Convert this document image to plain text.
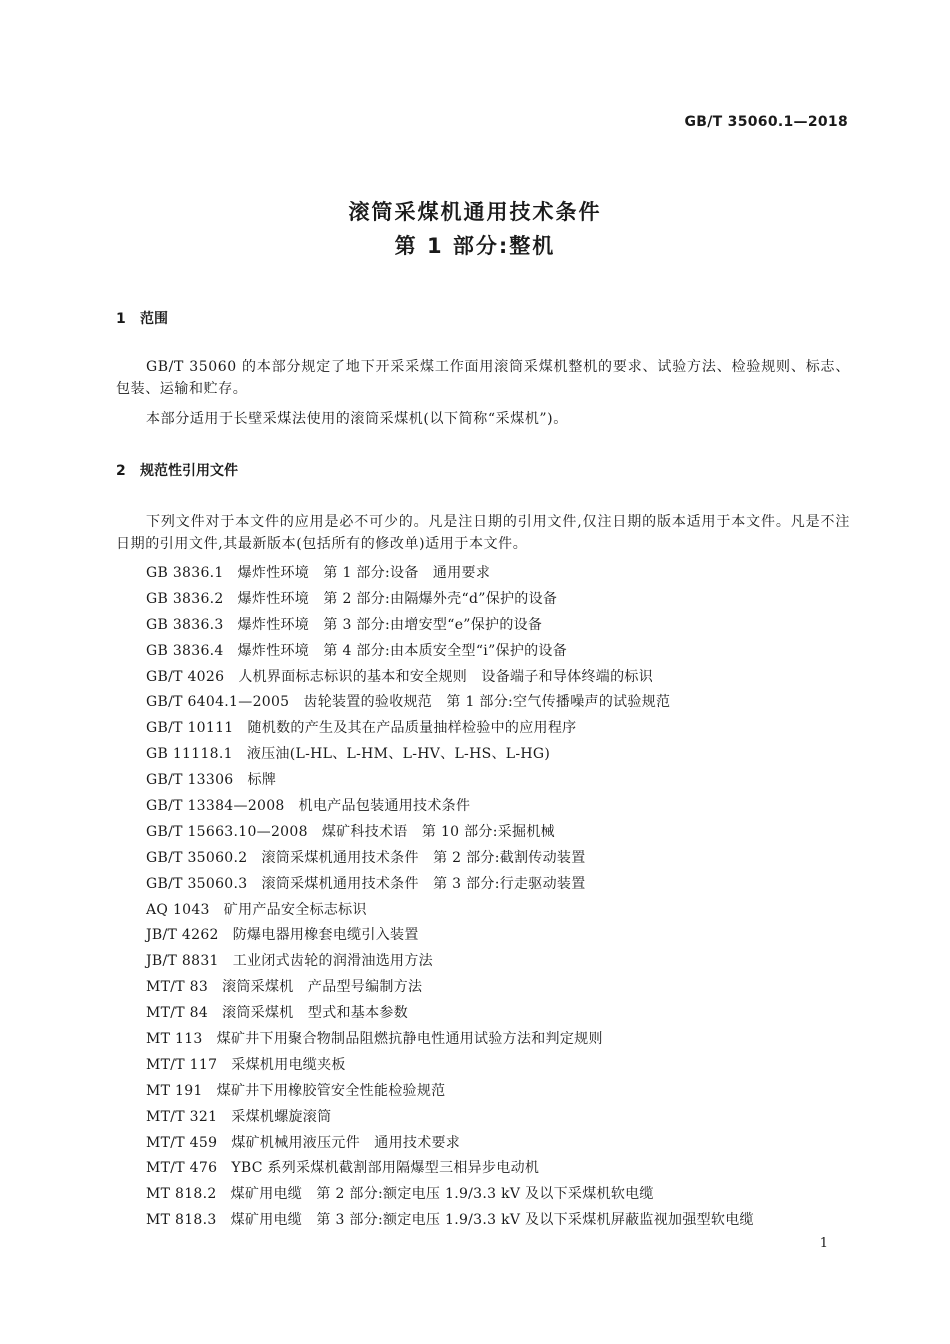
GB/T 35060.1—2018
滚筒采煤机通用技术条件
第 1 部分:整机
1 范围
GB/T 35060 的本部分规定了地下开采采煤工作面用滚筒采煤机整机的要求、试验方法、检验规则、标志、包装、运输和贮存。
本部分适用于长壁采煤法使用的滚筒采煤机(以下简称“采煤机”)。
2 规范性引用文件
下列文件对于本文件的应用是必不可少的。凡是注日期的引用文件,仅注日期的版本适用于本文件。凡是不注日期的引用文件,其最新版本(包括所有的修改单)适用于本文件。
GB 3836.1 爆炸性环境　第 1 部分:设备　通用要求
GB 3836.2 爆炸性环境　第 2 部分:由隔爆外壳“d”保护的设备
GB 3836.3 爆炸性环境　第 3 部分:由增安型“e”保护的设备
GB 3836.4 爆炸性环境　第 4 部分:由本质安全型“i”保护的设备
GB/T 4026 人机界面标志标识的基本和安全规则　设备端子和导体终端的标识
GB/T 6404.1—2005 齿轮装置的验收规范　第 1 部分:空气传播噪声的试验规范
GB/T 10111 随机数的产生及其在产品质量抽样检验中的应用程序
GB 11118.1 液压油(L-HL、L-HM、L-HV、L-HS、L-HG)
GB/T 13306 标牌
GB/T 13384—2008 机电产品包装通用技术条件
GB/T 15663.10—2008 煤矿科技术语　第 10 部分:采掘机械
GB/T 35060.2 滚筒采煤机通用技术条件　第 2 部分:截割传动装置
GB/T 35060.3 滚筒采煤机通用技术条件　第 3 部分:行走驱动装置
AQ 1043 矿用产品安全标志标识
JB/T 4262 防爆电器用橡套电缆引入装置
JB/T 8831 工业闭式齿轮的润滑油选用方法
MT/T 83 滚筒采煤机　产品型号编制方法
MT/T 84 滚筒采煤机　型式和基本参数
MT 113 煤矿井下用聚合物制品阻燃抗静电性通用试验方法和判定规则
MT/T 117 采煤机用电缆夹板
MT 191 煤矿井下用橡胶管安全性能检验规范
MT/T 321 采煤机螺旋滚筒
MT/T 459 煤矿机械用液压元件　通用技术要求
MT/T 476 YBC 系列采煤机截割部用隔爆型三相异步电动机
MT 818.2 煤矿用电缆　第 2 部分:额定电压 1.9/3.3 kV 及以下采煤机软电缆
MT 818.3 煤矿用电缆　第 3 部分:额定电压 1.9/3.3 kV 及以下采煤机屏蔽监视加强型软电缆
1
